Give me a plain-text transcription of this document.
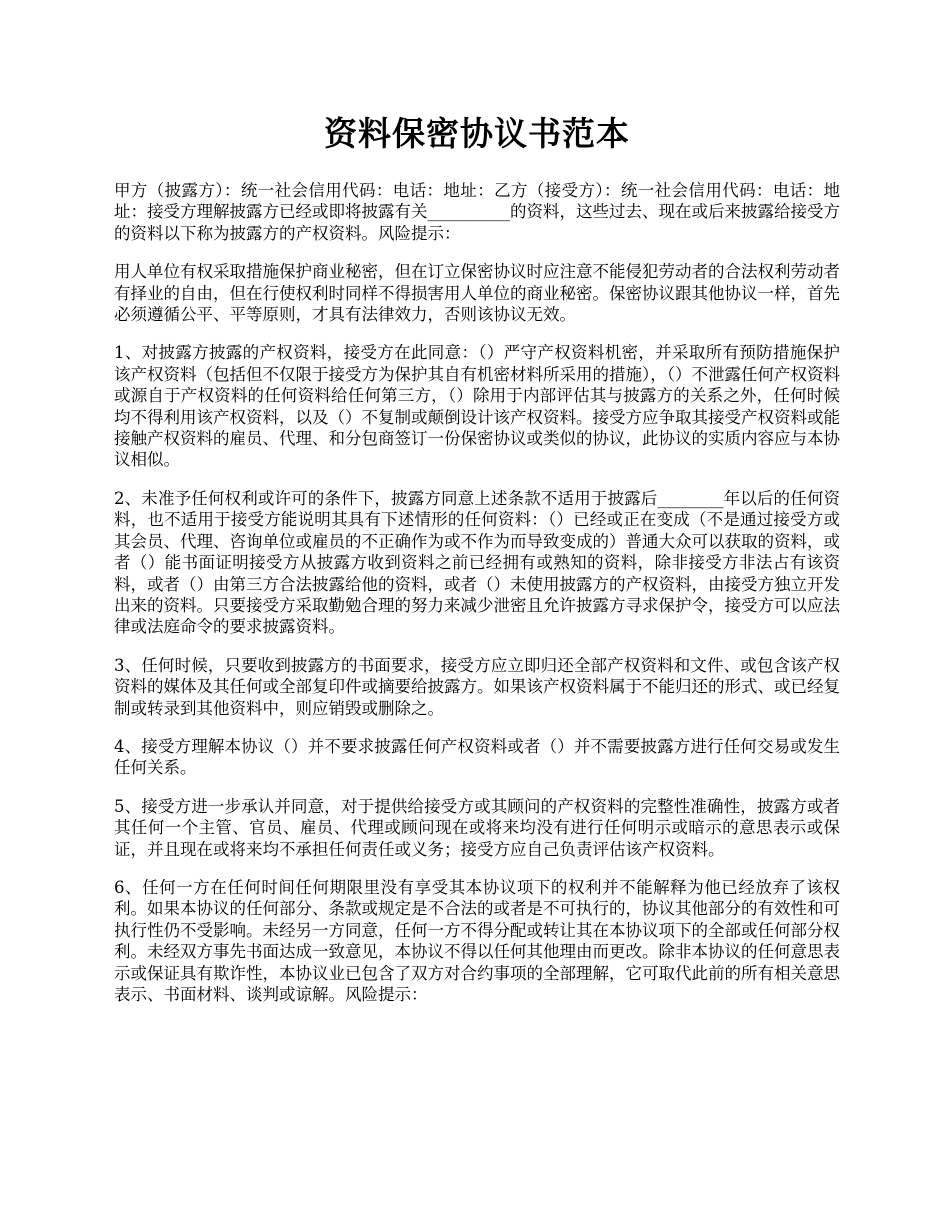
资料保密协议书范本

甲方（披露方）：统一社会信用代码：电话：地址：乙方（接受方）：统一社会信用代码：电话：地址：接受方理解披露方已经或即将披露有关__________的资料，这些过去、现在或后来披露给接受方的资料以下称为披露方的产权资料。风险提示：

用人单位有权采取措施保护商业秘密，但在订立保密协议时应注意不能侵犯劳动者的合法权利劳动者有择业的自由，但在行使权利时同样不得损害用人单位的商业秘密。保密协议跟其他协议一样，首先必须遵循公平、平等原则，才具有法律效力，否则该协议无效。

1、对披露方披露的产权资料，接受方在此同意：（）严守产权资料机密，并采取所有预防措施保护该产权资料（包括但不仅限于接受方为保护其自有机密材料所采用的措施），（）不泄露任何产权资料或源自于产权资料的任何资料给任何第三方，（）除用于内部评估其与披露方的关系之外，任何时候均不得利用该产权资料，以及（）不复制或颠倒设计该产权资料。接受方应争取其接受产权资料或能接触产权资料的雇员、代理、和分包商签订一份保密协议或类似的协议，此协议的实质内容应与本协议相似。

2、未准予任何权利或许可的条件下，披露方同意上述条款不适用于披露后________年以后的任何资料，也不适用于接受方能说明其具有下述情形的任何资料：（）已经或正在变成（不是通过接受方或其会员、代理、咨询单位或雇员的不正确作为或不作为而导致变成的）普通大众可以获取的资料，或者（）能书面证明接受方从披露方收到资料之前已经拥有或熟知的资料，除非接受方非法占有该资料，或者（）由第三方合法披露给他的资料，或者（）未使用披露方的产权资料，由接受方独立开发出来的资料。只要接受方采取勤勉合理的努力来减少泄密且允许披露方寻求保护令，接受方可以应法律或法庭命令的要求披露资料。

3、任何时候，只要收到披露方的书面要求，接受方应立即归还全部产权资料和文件、或包含该产权资料的媒体及其任何或全部复印件或摘要给披露方。如果该产权资料属于不能归还的形式、或已经复制或转录到其他资料中，则应销毁或删除之。

4、接受方理解本协议（）并不要求披露任何产权资料或者（）并不需要披露方进行任何交易或发生任何关系。

5、接受方进一步承认并同意，对于提供给接受方或其顾问的产权资料的完整性准确性，披露方或者其任何一个主管、官员、雇员、代理或顾问现在或将来均没有进行任何明示或暗示的意思表示或保证，并且现在或将来均不承担任何责任或义务；接受方应自己负责评估该产权资料。

6、任何一方在任何时间任何期限里没有享受其本协议项下的权利并不能解释为他已经放弃了该权利。如果本协议的任何部分、条款或规定是不合法的或者是不可执行的，协议其他部分的有效性和可执行性仍不受影响。未经另一方同意，任何一方不得分配或转让其在本协议项下的全部或任何部分权利。未经双方事先书面达成一致意见，本协议不得以任何其他理由而更改。除非本协议的任何意思表示或保证具有欺诈性，本协议业已包含了双方对合约事项的全部理解，它可取代此前的所有相关意思表示、书面材料、谈判或谅解。风险提示：
